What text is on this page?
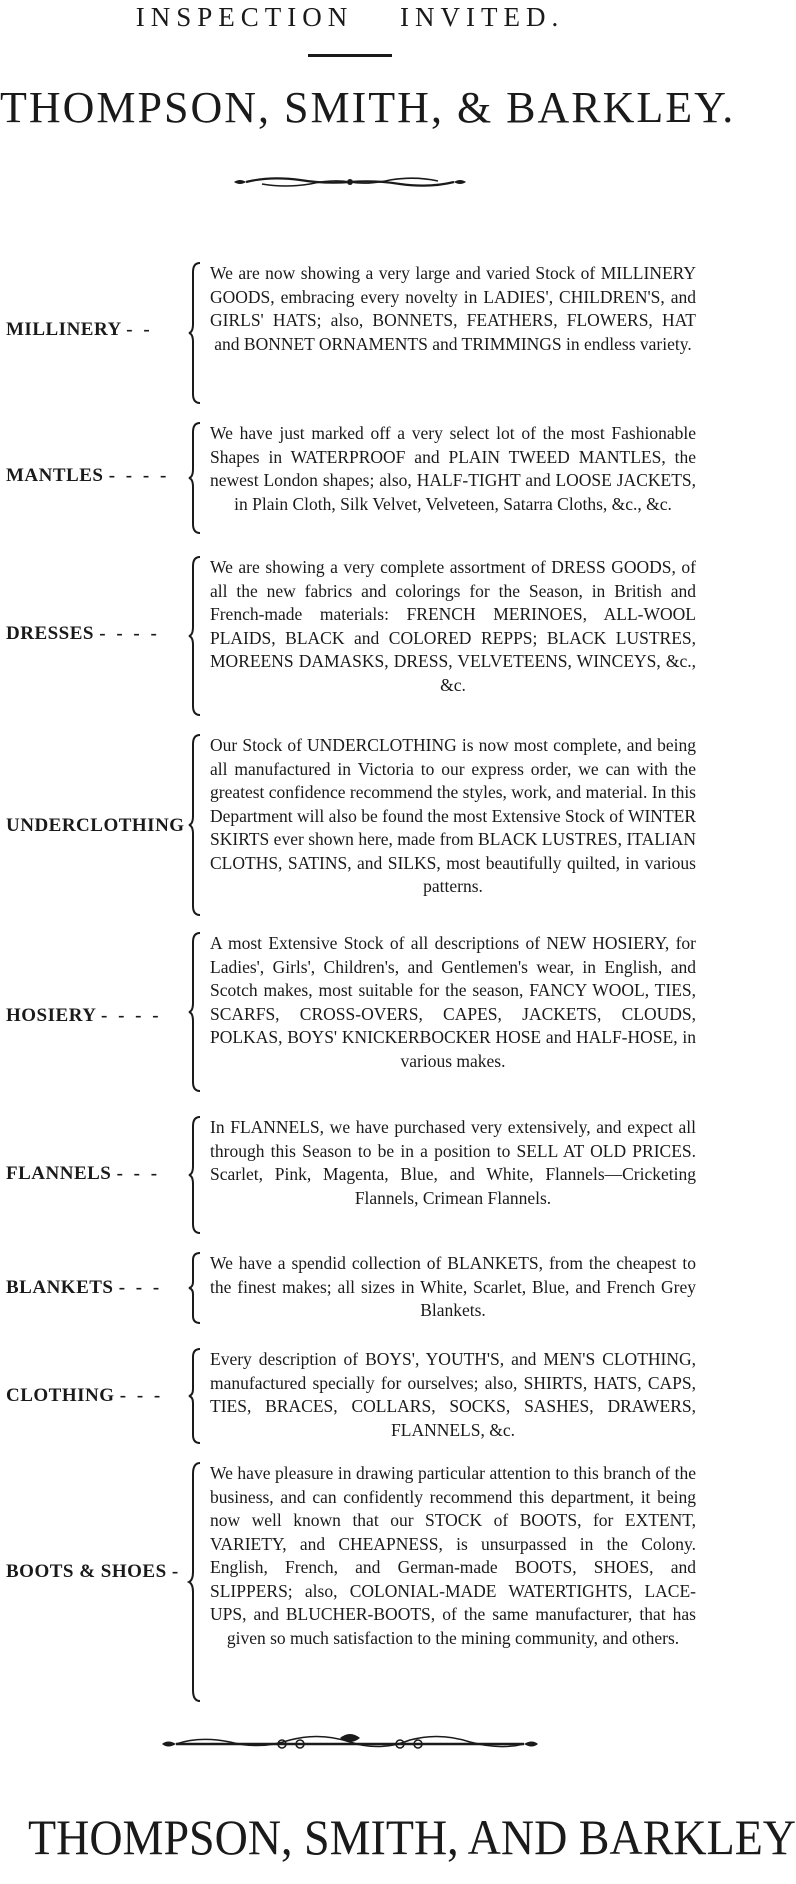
INSPECTION INVITED.
THOMPSON, SMITH, & BARKLEY.
MILLINERY - -
We are now showing a very large and varied Stock of MILLINERY GOODS, embracing every novelty in LADIES', CHILDREN'S, and GIRLS' HATS; also, BONNETS, FEATHERS, FLOWERS, HAT and BONNET ORNAMENTS and TRIMMINGS in endless variety.
MANTLES - - - -
We have just marked off a very select lot of the most Fashionable Shapes in WATERPROOF and PLAIN TWEED MANTLES, the newest London shapes; also, HALF-TIGHT and LOOSE JACKETS, in Plain Cloth, Silk Velvet, Velveteen, Satarra Cloths, &c., &c.
DRESSES - - - -
We are showing a very complete assortment of DRESS GOODS, of all the new fabrics and colorings for the Season, in British and French-made materials: FRENCH MERINOES, ALL-WOOL PLAIDS, BLACK and COLORED REPPS; BLACK LUSTRES, MOREENS DAMASKS, DRESS, VELVETEENS, WINCEYS, &c., &c.
UNDERCLOTHING
Our Stock of UNDERCLOTHING is now most complete, and being all manufactured in Victoria to our express order, we can with the greatest confidence recommend the styles, work, and material. In this Department will also be found the most Extensive Stock of WINTER SKIRTS ever shown here, made from BLACK LUSTRES, ITALIAN CLOTHS, SATINS, and SILKS, most beautifully quilted, in various patterns.
HOSIERY - - - -
A most Extensive Stock of all descriptions of NEW HOSIERY, for Ladies', Girls', Children's, and Gentlemen's wear, in English, and Scotch makes, most suitable for the season, FANCY WOOL, TIES, SCARFS, CROSS-OVERS, CAPES, JACKETS, CLOUDS, POLKAS, BOYS' KNICKERBOCKER HOSE and HALF-HOSE, in various makes.
FLANNELS - - -
In FLANNELS, we have purchased very extensively, and expect all through this Season to be in a position to SELL AT OLD PRICES. Scarlet, Pink, Magenta, Blue, and White, Flannels—Cricketing Flannels, Crimean Flannels.
BLANKETS - - -
We have a spendid collection of BLANKETS, from the cheapest to the finest makes; all sizes in White, Scarlet, Blue, and French Grey Blankets.
CLOTHING - - -
Every description of BOYS', YOUTH'S, and MEN'S CLOTHING, manufactured specially for ourselves; also, SHIRTS, HATS, CAPS, TIES, BRACES, COLLARS, SOCKS, SASHES, DRAWERS, FLANNELS, &c.
BOOTS & SHOES -
We have pleasure in drawing particular attention to this branch of the business, and can confidently recommend this department, it being now well known that our STOCK of BOOTS, for EXTENT, VARIETY, and CHEAPNESS, is unsurpassed in the Colony. English, French, and German-made BOOTS, SHOES, and SLIPPERS; also, COLONIAL-MADE WATERTIGHTS, LACE-UPS, and BLUCHER-BOOTS, of the same manufacturer, that has given so much satisfaction to the mining community, and others.
THOMPSON, SMITH, AND BARKLEY
